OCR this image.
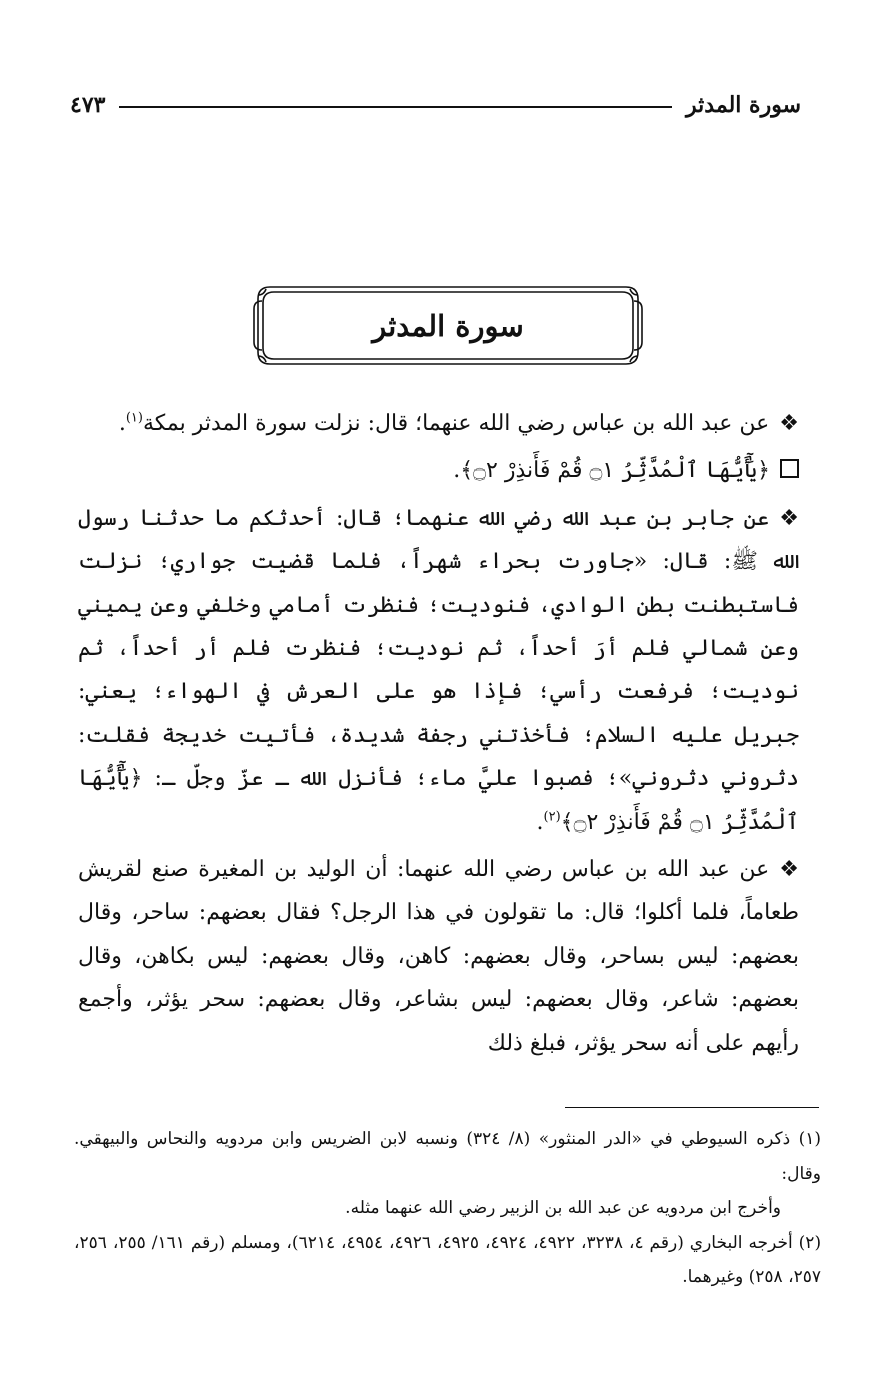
سورة المدثر
٤٧٣
سورة المدثر

❖عن عبد الله بن عباس رضي الله عنهما؛ قال: نزلت سورة المدثر بمكة$^{(١)}$.

﴿يَٰٓأَيُّهَا ٱلْمُدَّثِّرُ ۝١ قُمْ فَأَنذِرْ ۝٢﴾.

❖عن جابر بن عبد الله رضي الله عنهما؛ قال: أحدثكم ما حدثنا رسول الله ﷺ: قال: «جاورت بحراء شهراً، فلما قضيت جواري؛ نزلت فاستبطنت بطن الوادي، فنوديت؛ فنظرت أمامي وخلفي وعن يميني وعن شمالي فلم أرَ أحداً، ثم نوديت؛ فنظرت فلم أر أحداً، ثم نوديت؛ فرفعت رأسي؛ فإذا هو على العرش في الهواء؛ يعني: جبريل عليه السلام؛ فأخذتني رجفة شديدة، فأتيت خديجة فقلت: دثروني دثروني»؛ فصبوا عليَّ ماء؛ فأنزل الله ـ عزّ وجلّ ـ: ﴿يَٰٓأَيُّهَا ٱلْمُدَّثِّرُ ۝١ قُمْ فَأَنذِرْ ۝٢﴾$^{(٢)}$.

❖عن عبد الله بن عباس رضي الله عنهما: أن الوليد بن المغيرة صنع لقريش طعاماً، فلما أكلوا؛ قال: ما تقولون في هذا الرجل؟ فقال بعضهم: ساحر، وقال بعضهم: ليس بساحر، وقال بعضهم: كاهن، وقال بعضهم: ليس بكاهن، وقال بعضهم: شاعر، وقال بعضهم: ليس بشاعر، وقال بعضهم: سحر يؤثر، وأجمع رأيهم على أنه سحر يؤثر، فبلغ ذلك

(١) ذكره السيوطي في «الدر المنثور» (٨/ ٣٢٤) ونسبه لابن الضريس وابن مردويه والنحاس والبيهقي. وقال:

وأخرج ابن مردويه عن عبد الله بن الزبير رضي الله عنهما مثله.

(٢) أخرجه البخاري (رقم ٤، ٣٢٣٨، ٤٩٢٢، ٤٩٢٤، ٤٩٢٥، ٤٩٢٦، ٤٩٥٤، ٦٢١٤)، ومسلم (رقم ١٦١/ ٢٥٥، ٢٥٦، ٢٥٧، ٢٥٨) وغيرهما.
